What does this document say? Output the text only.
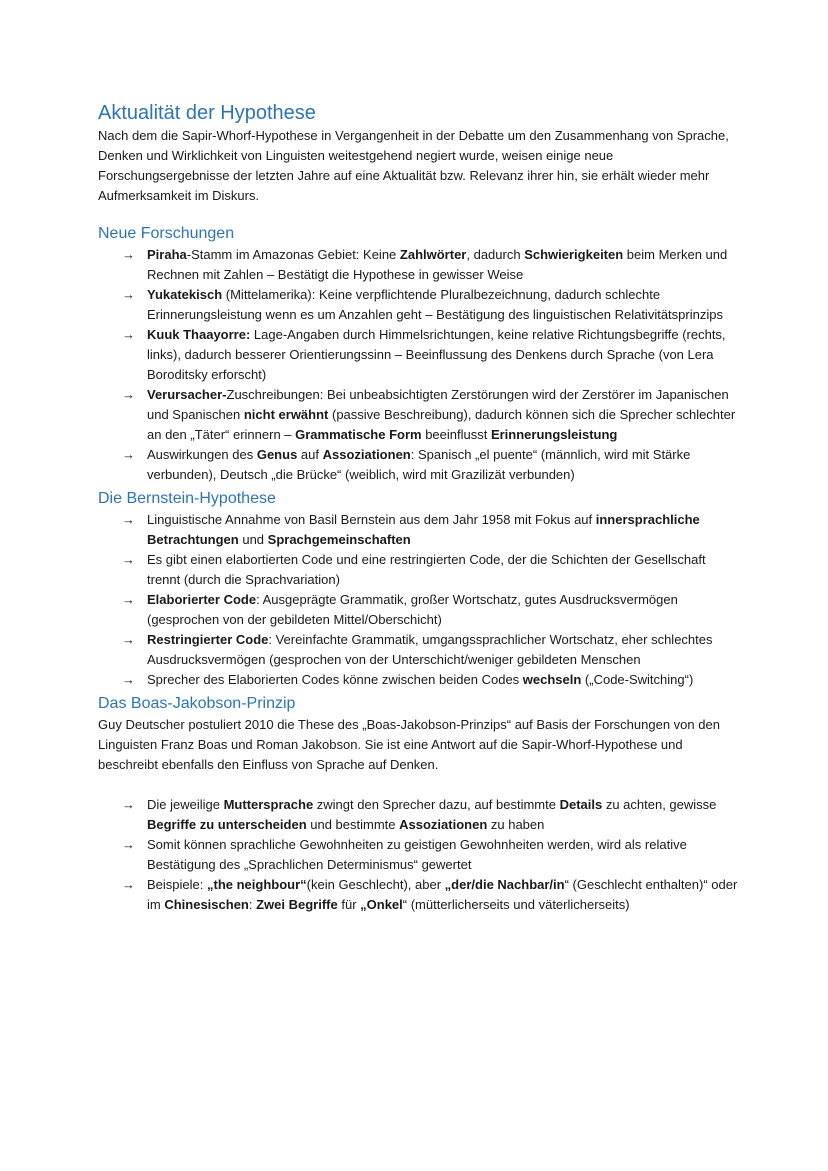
Aktualität der Hypothese

Nach dem die Sapir-Whorf-Hypothese in Vergangenheit in der Debatte um den Zusammenhang von Sprache, Denken und Wirklichkeit von Linguisten weitestgehend negiert wurde, weisen einige neue Forschungsergebnisse der letzten Jahre auf eine Aktualität bzw. Relevanz ihrer hin, sie erhält wieder mehr Aufmerksamkeit im Diskurs.

Neue Forschungen
→ Piraha-Stamm im Amazonas Gebiet: Keine Zahlwörter, dadurch Schwierigkeiten beim Merken und Rechnen mit Zahlen – Bestätigt die Hypothese in gewisser Weise
→ Yukatekisch (Mittelamerika): Keine verpflichtende Pluralbezeichnung, dadurch schlechte Erinnerungsleistung wenn es um Anzahlen geht – Bestätigung des linguistischen Relativitätsprinzips
→ Kuuk Thaayorre: Lage-Angaben durch Himmelsrichtungen, keine relative Richtungsbegriffe (rechts, links), dadurch besserer Orientierungssinn – Beeinflussung des Denkens durch Sprache (von Lera Boroditsky erforscht)
→ Verursacher-Zuschreibungen: Bei unbeabsichtigten Zerstörungen wird der Zerstörer im Japanischen und Spanischen nicht erwähnt (passive Beschreibung), dadurch können sich die Sprecher schlechter an den „Täter“ erinnern – Grammatische Form beeinflusst Erinnerungsleistung
→ Auswirkungen des Genus auf Assoziationen: Spanisch „el puente“ (männlich, wird mit Stärke verbunden), Deutsch „die Brücke“ (weiblich, wird mit Grazilizät verbunden)
Die Bernstein-Hypothese
→ Linguistische Annahme von Basil Bernstein aus dem Jahr 1958 mit Fokus auf innersprachliche Betrachtungen und Sprachgemeinschaften
→ Es gibt einen elabortierten Code und eine restringierten Code, der die Schichten der Gesellschaft trennt (durch die Sprachvariation)
→ Elaborierter Code: Ausgeprägte Grammatik, großer Wortschatz, gutes Ausdrucksvermögen (gesprochen von der gebildeten Mittel/Oberschicht)
→ Restringierter Code: Vereinfachte Grammatik, umgangssprachlicher Wortschatz, eher schlechtes Ausdrucksvermögen (gesprochen von der Unterschicht/weniger gebildeten Menschen
→ Sprecher des Elaborierten Codes könne zwischen beiden Codes wechseln („Code-Switching“)
Das Boas-Jakobson-Prinzip

Guy Deutscher postuliert 2010 die These des „Boas-Jakobson-Prinzips“ auf Basis der Forschungen von den Linguisten Franz Boas und Roman Jakobson. Sie ist eine Antwort auf die Sapir-Whorf-Hypothese und beschreibt ebenfalls den Einfluss von Sprache auf Denken.

→ Die jeweilige Muttersprache zwingt den Sprecher dazu, auf bestimmte Details zu achten, gewisse Begriffe zu unterscheiden und bestimmte Assoziationen zu haben
→ Somit können sprachliche Gewohnheiten zu geistigen Gewohnheiten werden, wird als relative Bestätigung des „Sprachlichen Determinismus“ gewertet
→ Beispiele: „the neighbour“(kein Geschlecht), aber „der/die Nachbar/in“ (Geschlecht enthalten)“ oder im Chinesischen: Zwei Begriffe für „Onkel“ (mütterlicherseits und väterlicherseits)
